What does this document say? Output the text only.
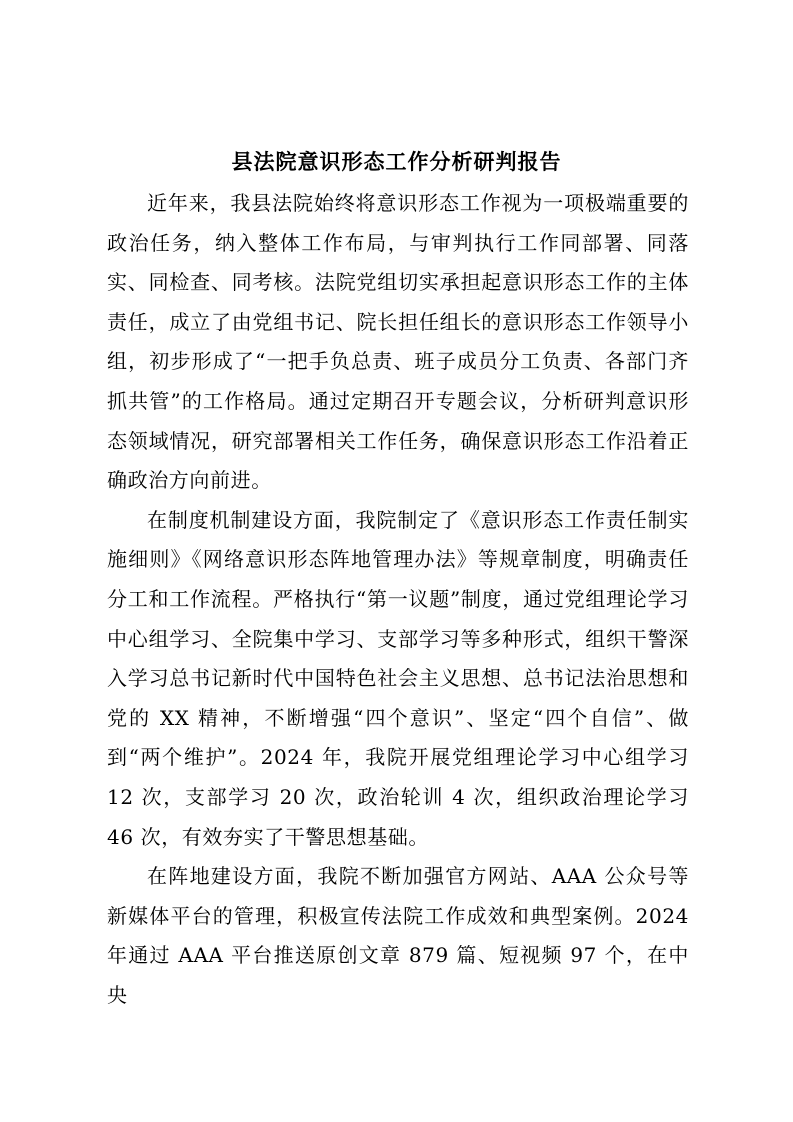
县法院意识形态工作分析研判报告

近年来，我县法院始终将意识形态工作视为一项极端重要的政治任务，纳入整体工作布局，与审判执行工作同部署、同落实、同检查、同考核。法院党组切实承担起意识形态工作的主体责任，成立了由党组书记、院长担任组长的意识形态工作领导小组，初步形成了“一把手负总责、班子成员分工负责、各部门齐抓共管”的工作格局。通过定期召开专题会议，分析研判意识形态领域情况，研究部署相关工作任务，确保意识形态工作沿着正确政治方向前进。

在制度机制建设方面，我院制定了《意识形态工作责任制实施细则》《网络意识形态阵地管理办法》等规章制度，明确责任分工和工作流程。严格执行“第一议题”制度，通过党组理论学习中心组学习、全院集中学习、支部学习等多种形式，组织干警深入学习总书记新时代中国特色社会主义思想、总书记法治思想和党的 XX 精神，不断增强“四个意识”、坚定“四个自信”、做到“两个维护”。2024 年，我院开展党组理论学习中心组学习 12 次，支部学习 20 次，政治轮训 4 次，组织政治理论学习 46 次，有效夯实了干警思想基础。

在阵地建设方面，我院不断加强官方网站、AAA 公众号等新媒体平台的管理，积极宣传法院工作成效和典型案例。2024 年通过 AAA 平台推送原创文章 879 篇、短视频 97 个，在中央
